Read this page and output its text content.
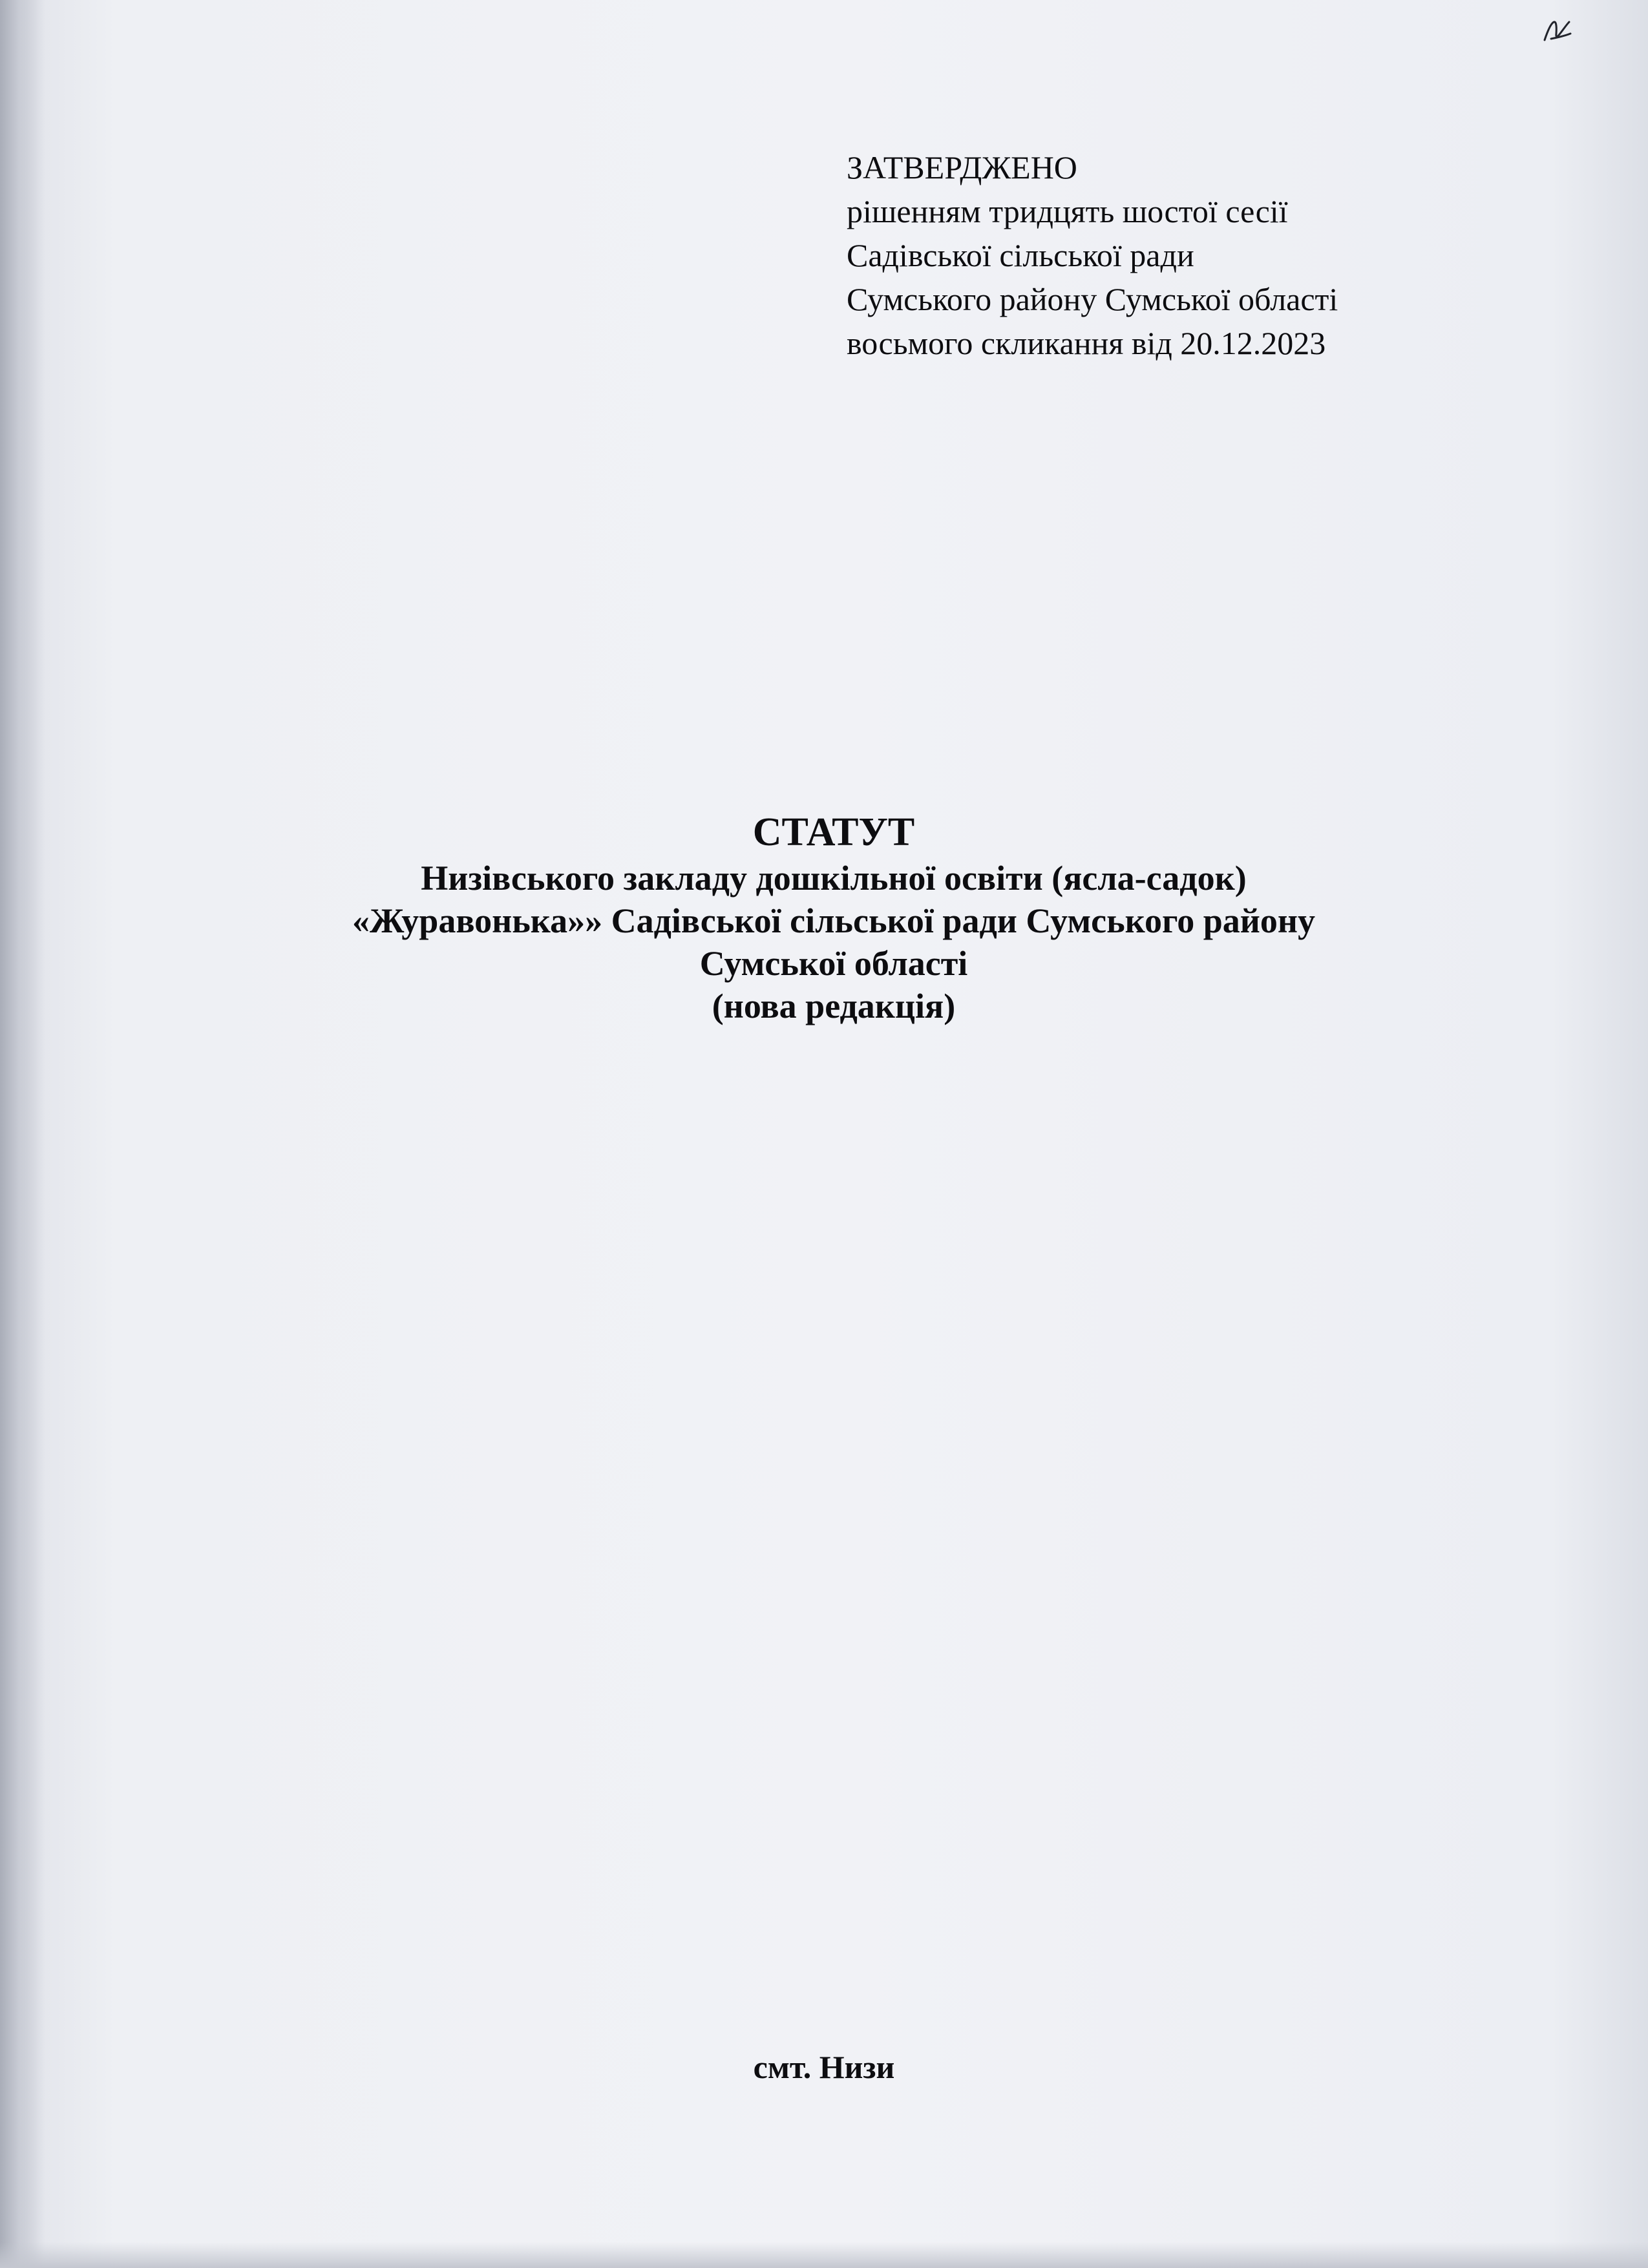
ЗАТВЕРДЖЕНО
рішенням тридцять шостої сесії
Садівської сільської ради
Сумського району Сумської області
восьмого скликання від 20.12.2023
СТАТУТ
Низівського закладу дошкільної освіти (ясла-садок)
«Журавонька»» Садівської сільської ради Сумського району
Сумської області
(нова редакція)
смт. Низи
